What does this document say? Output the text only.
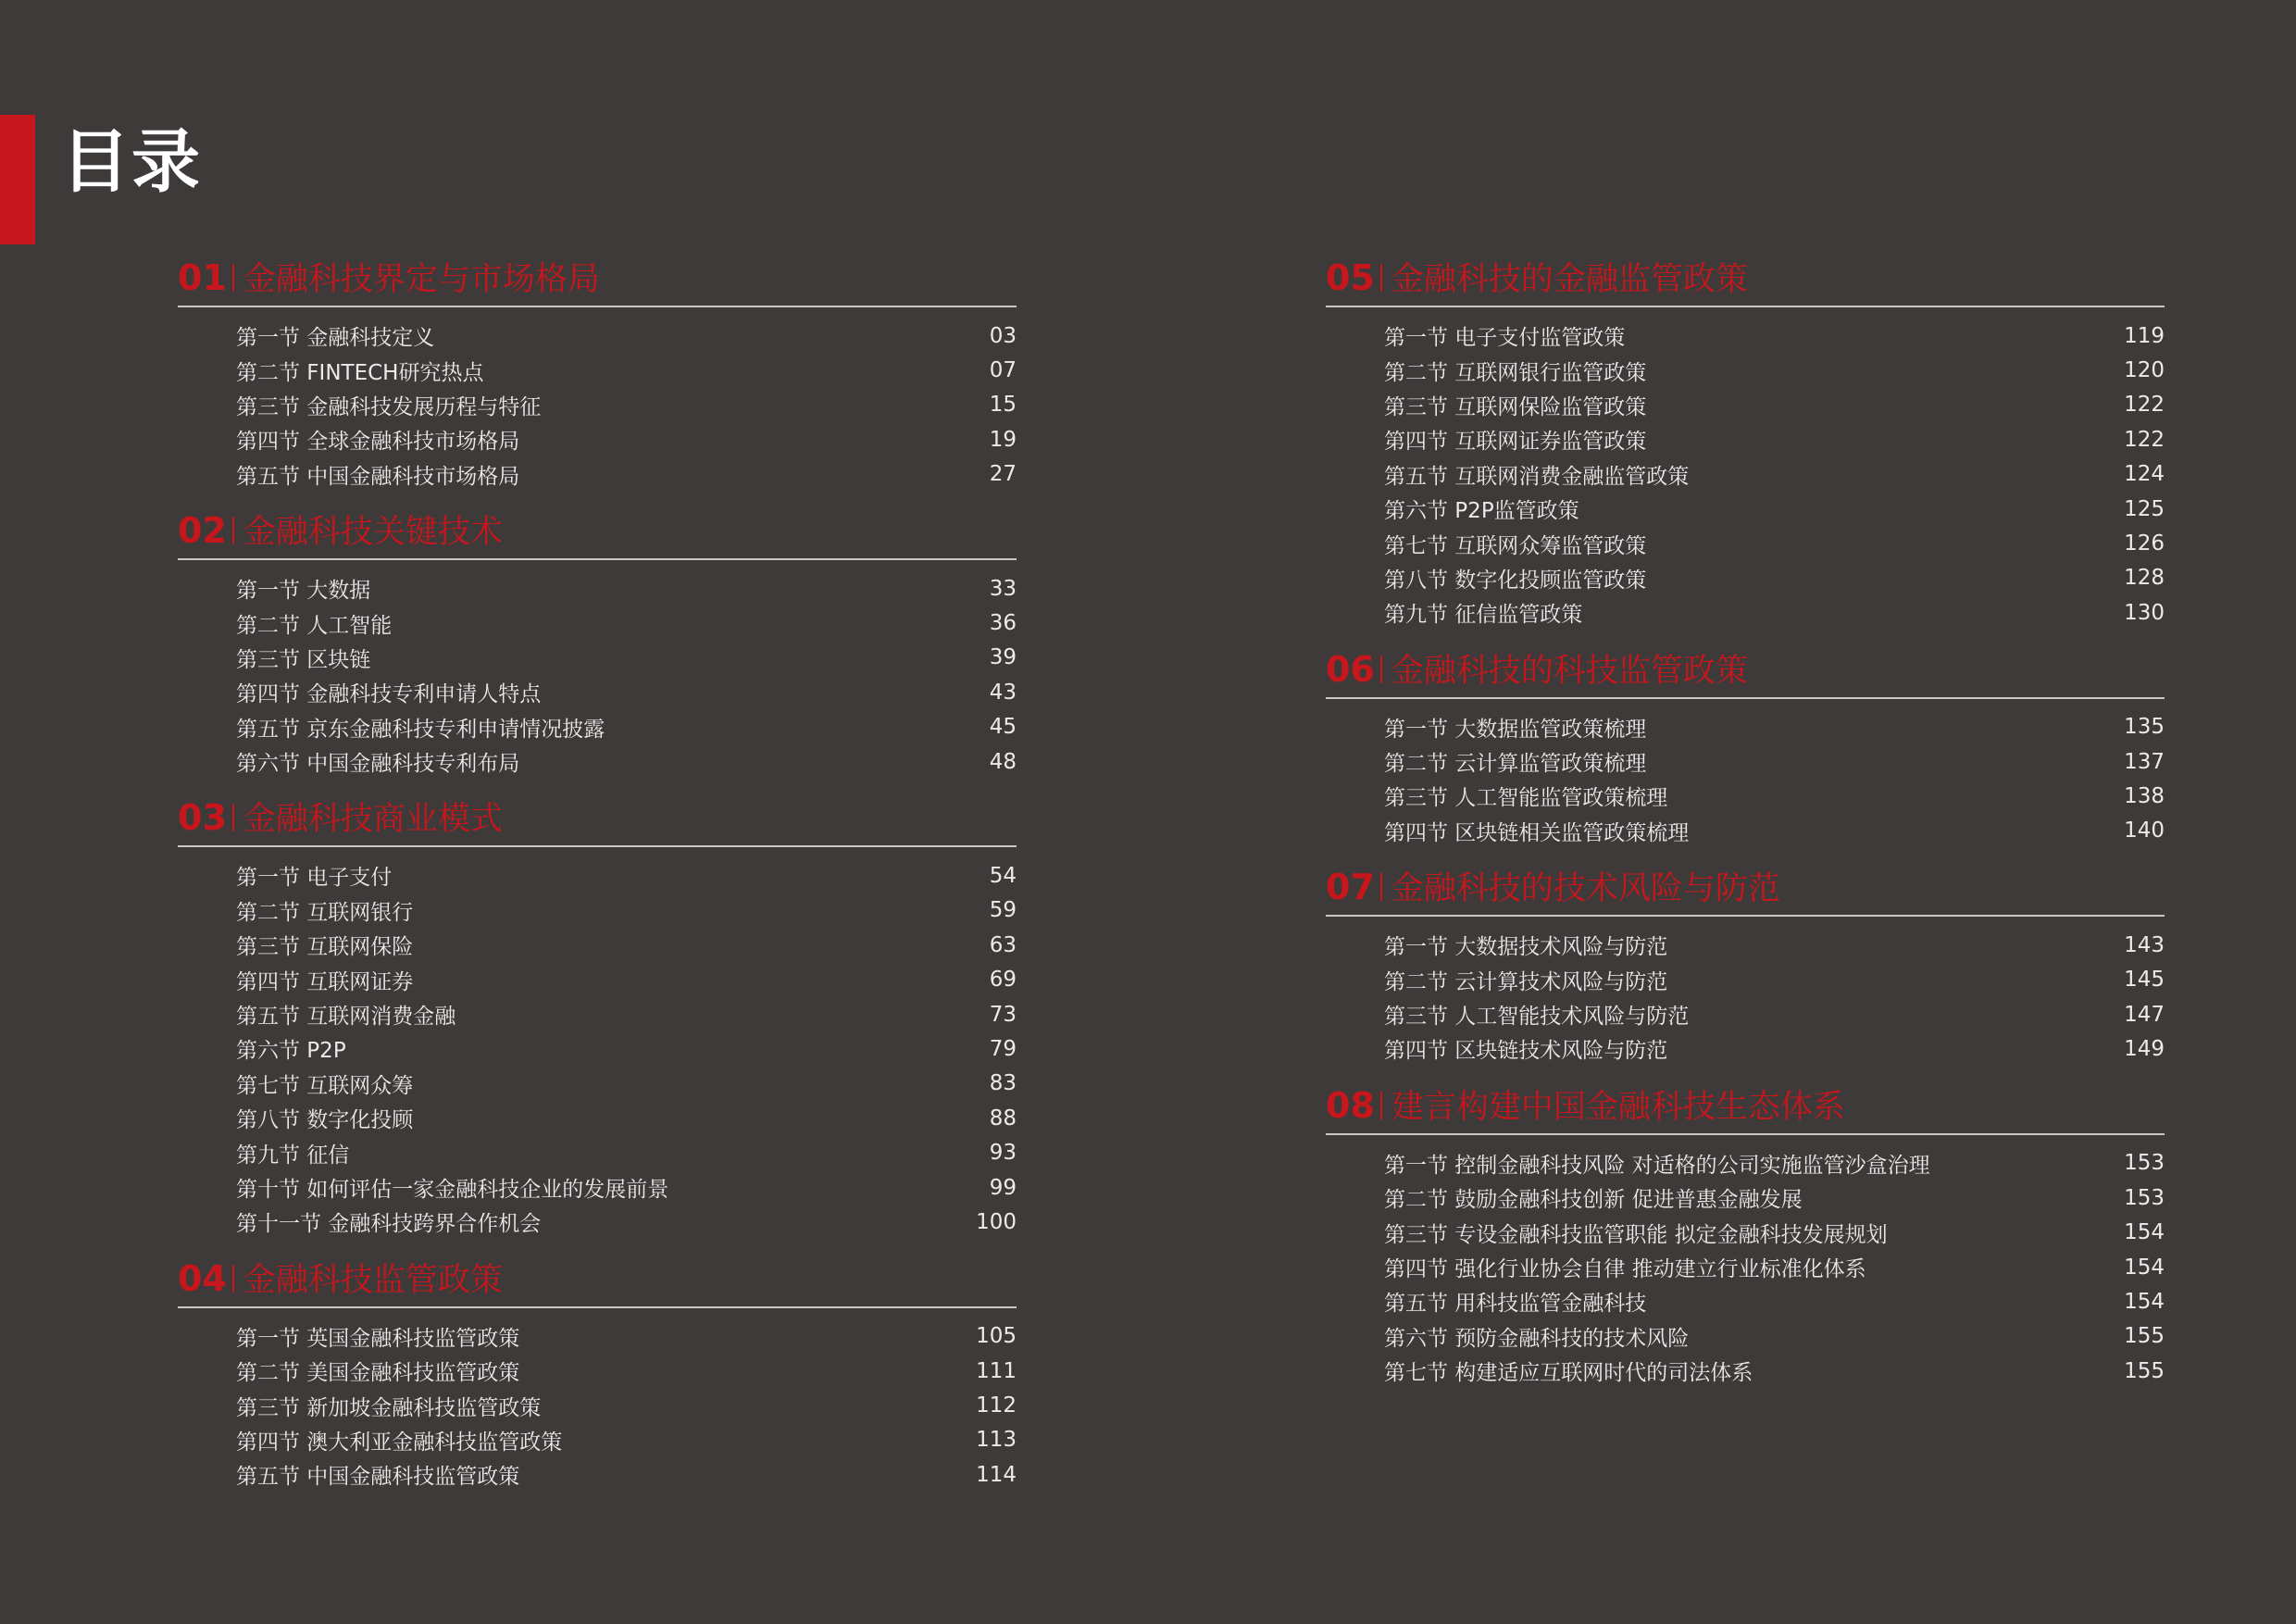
目录
01 金融科技界定与市场格局
第一节 金融科技定义	03
第二节 FINTECH研究热点	07
第三节 金融科技发展历程与特征	15
第四节 全球金融科技市场格局	19
第五节 中国金融科技市场格局	27
02 金融科技关键技术
第一节 大数据	33
第二节 人工智能	36
第三节 区块链	39
第四节 金融科技专利申请人特点	43
第五节 京东金融科技专利申请情况披露	45
第六节 中国金融科技专利布局	48
03 金融科技商业模式
第一节 电子支付	54
第二节 互联网银行	59
第三节 互联网保险	63
第四节 互联网证券	69
第五节 互联网消费金融	73
第六节 P2P	79
第七节 互联网众筹	83
第八节 数字化投顾	88
第九节 征信	93
第十节 如何评估一家金融科技企业的发展前景	99
第十一节 金融科技跨界合作机会	100
04 金融科技监管政策
第一节 英国金融科技监管政策	105
第二节 美国金融科技监管政策	111
第三节 新加坡金融科技监管政策	112
第四节 澳大利亚金融科技监管政策	113
第五节 中国金融科技监管政策	114
05 金融科技的金融监管政策
第一节 电子支付监管政策	119
第二节 互联网银行监管政策	120
第三节 互联网保险监管政策	122
第四节 互联网证券监管政策	122
第五节 互联网消费金融监管政策	124
第六节 P2P监管政策	125
第七节 互联网众筹监管政策	126
第八节 数字化投顾监管政策	128
第九节 征信监管政策	130
06 金融科技的科技监管政策
第一节 大数据监管政策梳理	135
第二节 云计算监管政策梳理	137
第三节 人工智能监管政策梳理	138
第四节 区块链相关监管政策梳理	140
07 金融科技的技术风险与防范
第一节 大数据技术风险与防范	143
第二节 云计算技术风险与防范	145
第三节 人工智能技术风险与防范	147
第四节 区块链技术风险与防范	149
08 建言构建中国金融科技生态体系
第一节 控制金融科技风险 对适格的公司实施监管沙盒治理	153
第二节 鼓励金融科技创新 促进普惠金融发展	153
第三节 专设金融科技监管职能 拟定金融科技发展规划	154
第四节 强化行业协会自律 推动建立行业标准化体系	154
第五节 用科技监管金融科技	154
第六节 预防金融科技的技术风险	155
第七节 构建适应互联网时代的司法体系	155
